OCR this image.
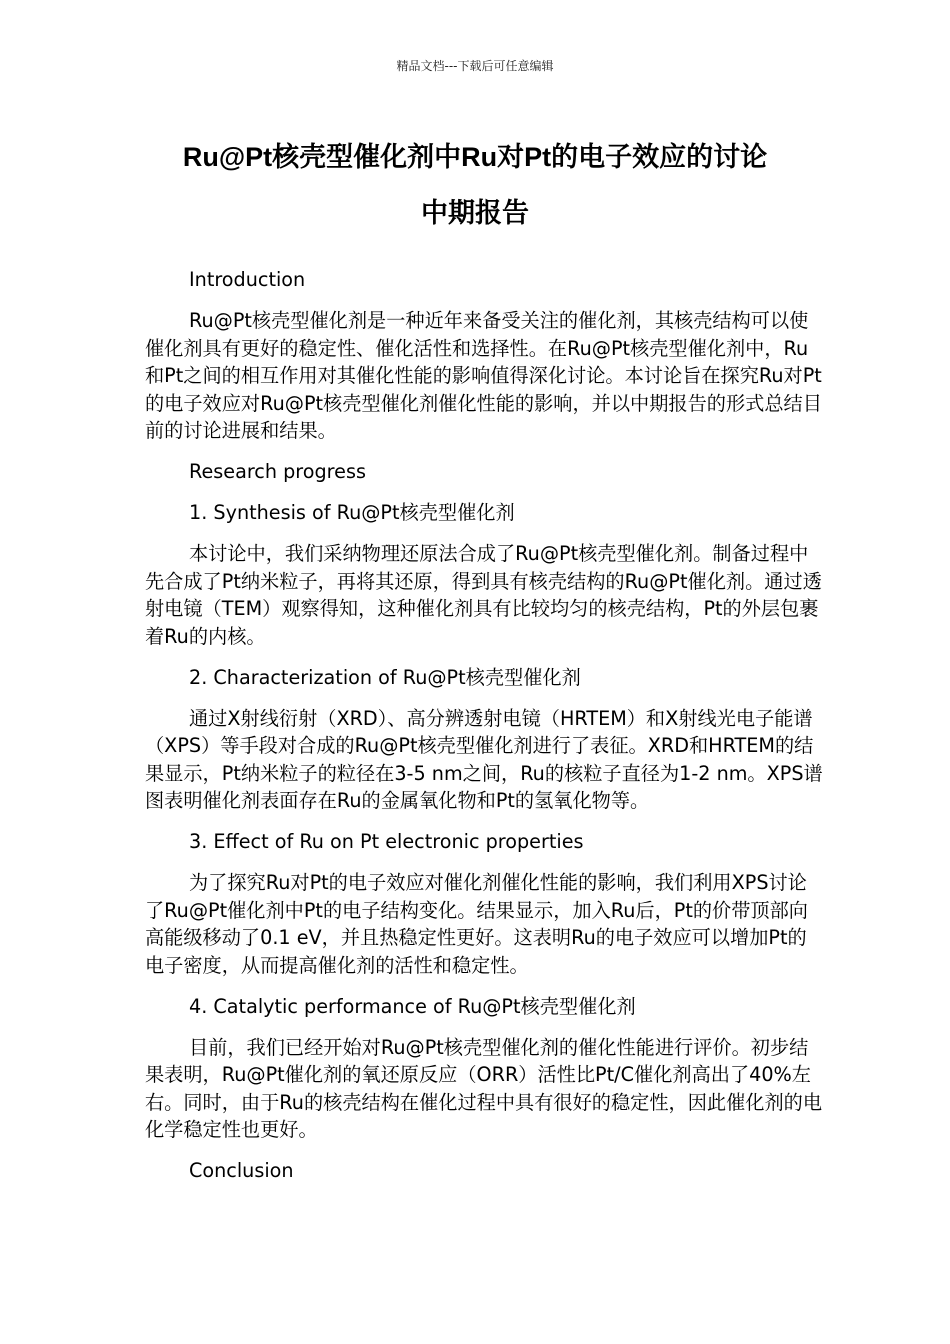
精品文档---下载后可任意编辑
Ru@Pt核壳型催化剂中Ru对Pt的电子效应的讨论
中期报告

Introduction

Ru@Pt核壳型催化剂是一种近年来备受关注的催化剂，其核壳结构可以使催化剂具有更好的稳定性、催化活性和选择性。在Ru@Pt核壳型催化剂中，Ru和Pt之间的相互作用对其催化性能的影响值得深化讨论。本讨论旨在探究Ru对Pt的电子效应对Ru@Pt核壳型催化剂催化性能的影响，并以中期报告的形式总结目前的讨论进展和结果。

Research progress

1. Synthesis of Ru@Pt核壳型催化剂

本讨论中，我们采纳物理还原法合成了Ru@Pt核壳型催化剂。制备过程中先合成了Pt纳米粒子，再将其还原，得到具有核壳结构的Ru@Pt催化剂。通过透射电镜（TEM）观察得知，这种催化剂具有比较均匀的核壳结构，Pt的外层包裹着Ru的内核。

2. Characterization of Ru@Pt核壳型催化剂

通过X射线衍射（XRD）、高分辨透射电镜（HRTEM）和X射线光电子能谱（XPS）等手段对合成的Ru@Pt核壳型催化剂进行了表征。XRD和HRTEM的结果显示，Pt纳米粒子的粒径在3-5 nm之间，Ru的核粒子直径为1-2 nm。XPS谱图表明催化剂表面存在Ru的金属氧化物和Pt的氢氧化物等。

3. Effect of Ru on Pt electronic properties

为了探究Ru对Pt的电子效应对催化剂催化性能的影响，我们利用XPS讨论了Ru@Pt催化剂中Pt的电子结构变化。结果显示，加入Ru后，Pt的价带顶部向高能级移动了0.1 eV，并且热稳定性更好。这表明Ru的电子效应可以增加Pt的电子密度，从而提高催化剂的活性和稳定性。

4. Catalytic performance of Ru@Pt核壳型催化剂

目前，我们已经开始对Ru@Pt核壳型催化剂的催化性能进行评价。初步结果表明，Ru@Pt催化剂的氧还原反应（ORR）活性比Pt/C催化剂高出了40%左右。同时，由于Ru的核壳结构在催化过程中具有很好的稳定性，因此催化剂的电化学稳定性也更好。

Conclusion
